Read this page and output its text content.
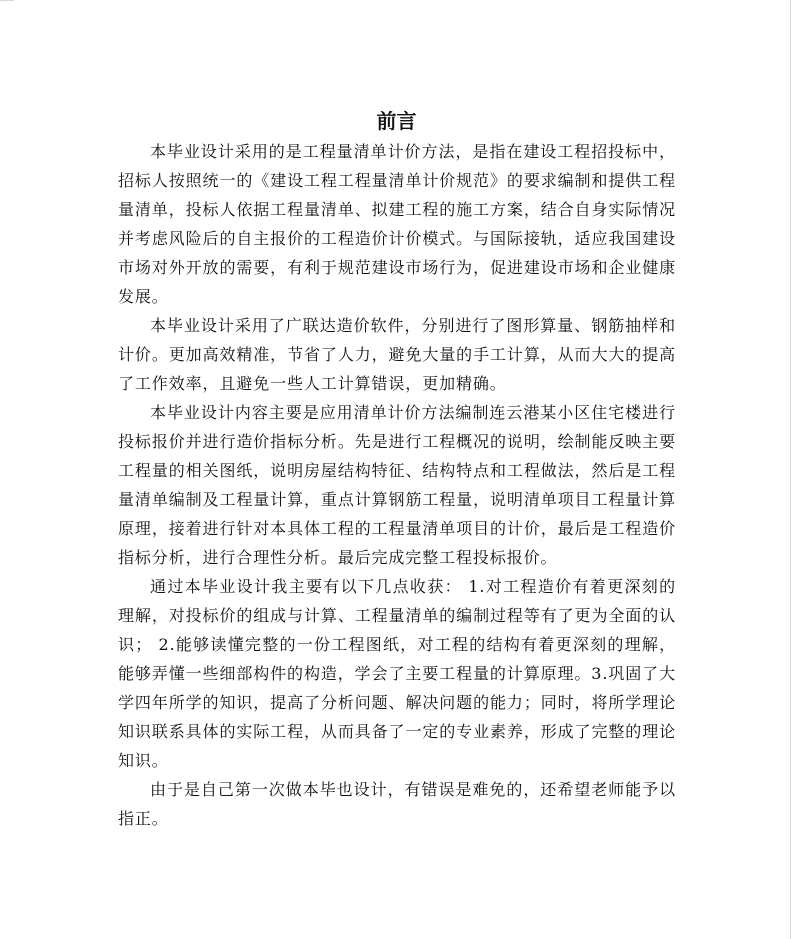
前言

本毕业设计采用的是工程量清单计价方法，是指在建设工程招投标中，招标人按照统一的《建设工程工程量清单计价规范》的要求编制和提供工程量清单，投标人依据工程量清单、拟建工程的施工方案，结合自身实际情况并考虑风险后的自主报价的工程造价计价模式。与国际接轨，适应我国建设市场对外开放的需要，有利于规范建设市场行为，促进建设市场和企业健康发展。

本毕业设计采用了广联达造价软件，分别进行了图形算量、钢筋抽样和计价。更加高效精准，节省了人力，避免大量的手工计算，从而大大的提高了工作效率，且避免一些人工计算错误，更加精确。

本毕业设计内容主要是应用清单计价方法编制连云港某小区住宅楼进行投标报价并进行造价指标分析。先是进行工程概况的说明，绘制能反映主要工程量的相关图纸，说明房屋结构特征、结构特点和工程做法，然后是工程量清单编制及工程量计算，重点计算钢筋工程量，说明清单项目工程量计算原理，接着进行针对本具体工程的工程量清单项目的计价，最后是工程造价指标分析，进行合理性分析。最后完成完整工程投标报价。

通过本毕业设计我主要有以下几点收获： 1.对工程造价有着更深刻的理解，对投标价的组成与计算、工程量清单的编制过程等有了更为全面的认识； 2.能够读懂完整的一份工程图纸，对工程的结构有着更深刻的理解，能够弄懂一些细部构件的构造，学会了主要工程量的计算原理。3.巩固了大学四年所学的知识，提高了分析问题、解决问题的能力；同时，将所学理论知识联系具体的实际工程，从而具备了一定的专业素养，形成了完整的理论知识。

由于是自己第一次做本毕也设计，有错误是难免的，还希望老师能予以指正。
